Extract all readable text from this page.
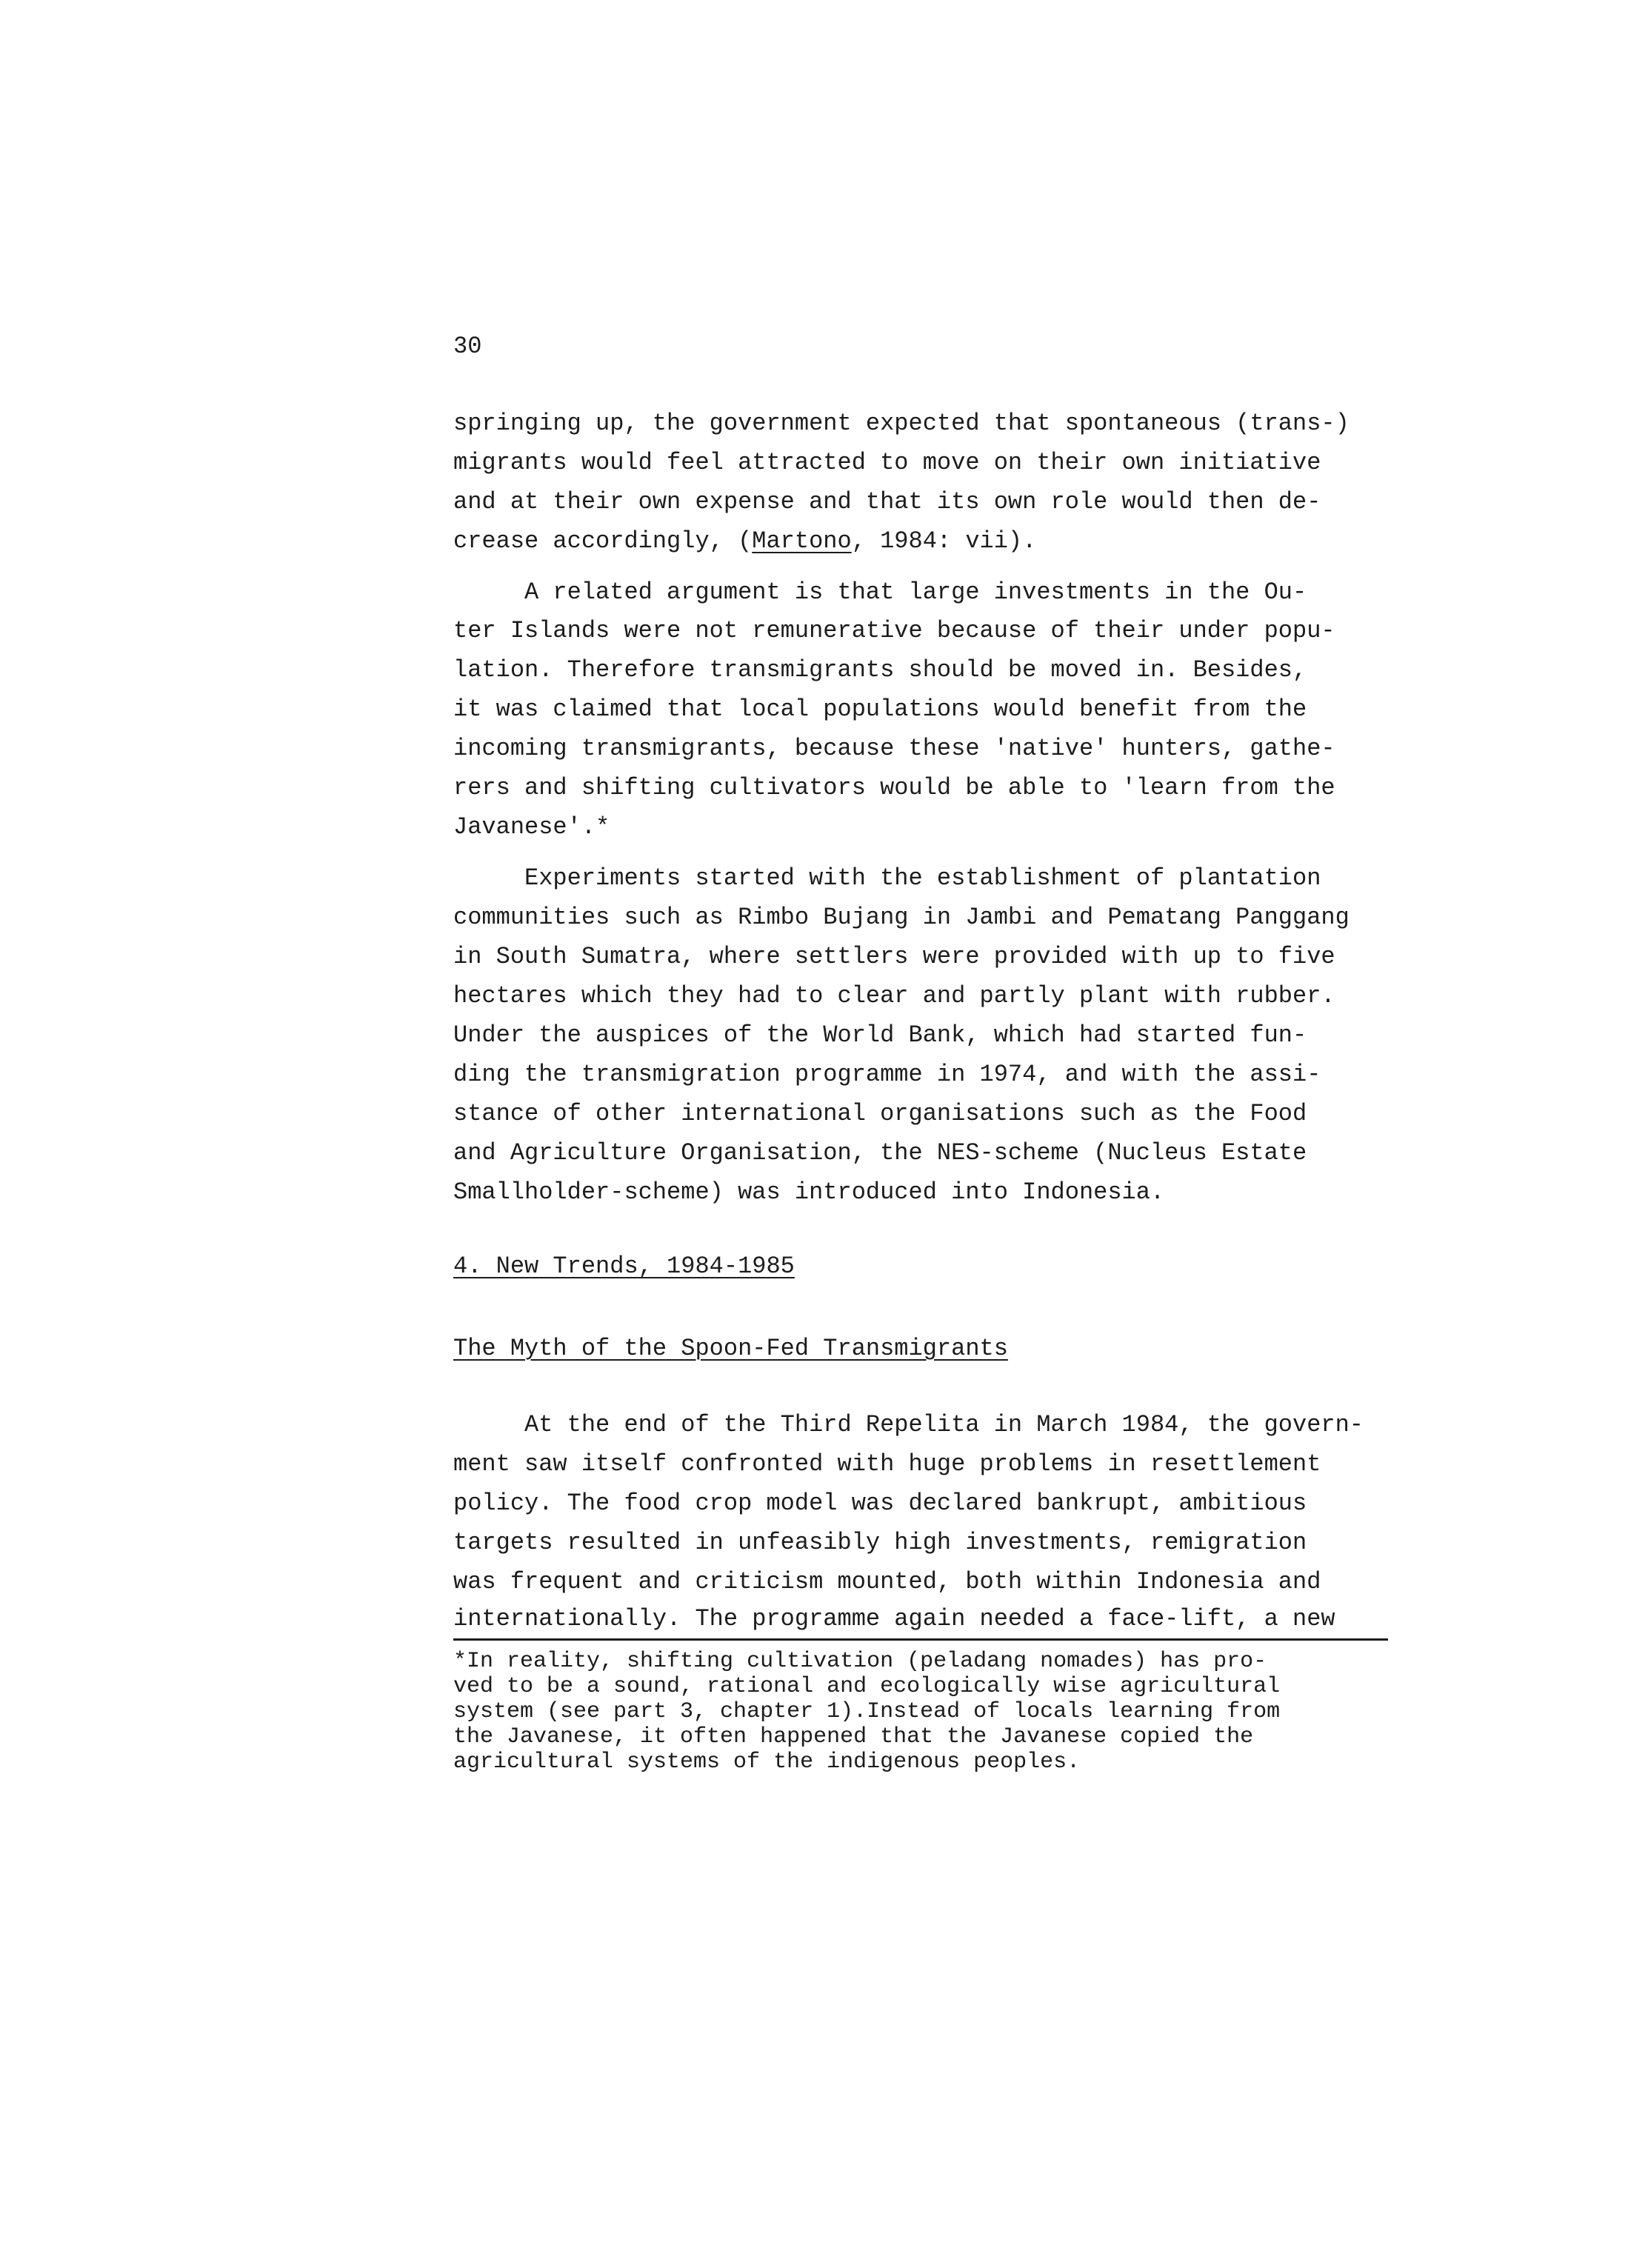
30
springing up, the government expected that spontaneous (trans-)
migrants would feel attracted to move on their own initiative
and at their own expense and that its own role would then de-
crease accordingly, (Martono, 1984: vii).
A related argument is that large investments in the Ou-
ter Islands were not remunerative because of their under popu-
lation. Therefore transmigrants should be moved in. Besides,
it was claimed that local populations would benefit from the
incoming transmigrants, because these 'native' hunters, gathe-
rers and shifting cultivators would be able to 'learn from the
Javanese'.*
Experiments started with the establishment of plantation
communities such as Rimbo Bujang in Jambi and Pematang Panggang
in South Sumatra, where settlers were provided with up to five
hectares which they had to clear and partly plant with rubber.
Under the auspices of the World Bank, which had started fun-
ding the transmigration programme in 1974, and with the assi-
stance of other international organisations such as the Food
and Agriculture Organisation, the NES-scheme (Nucleus Estate
Smallholder-scheme) was introduced into Indonesia.
4. New Trends, 1984-1985
The Myth of the Spoon-Fed Transmigrants
At the end of the Third Repelita in March 1984, the govern-
ment saw itself confronted with huge problems in resettlement
policy. The food crop model was declared bankrupt, ambitious
targets resulted in unfeasibly high investments, remigration
was frequent and criticism mounted, both within Indonesia and
internationally. The programme again needed a face-lift, a new
*In reality, shifting cultivation (peladang nomades) has pro-
ved to be a sound, rational and ecologically wise agricultural
system (see part 3, chapter 1).Instead of locals learning from
the Javanese, it often happened that the Javanese copied the
agricultural systems of the indigenous peoples.
